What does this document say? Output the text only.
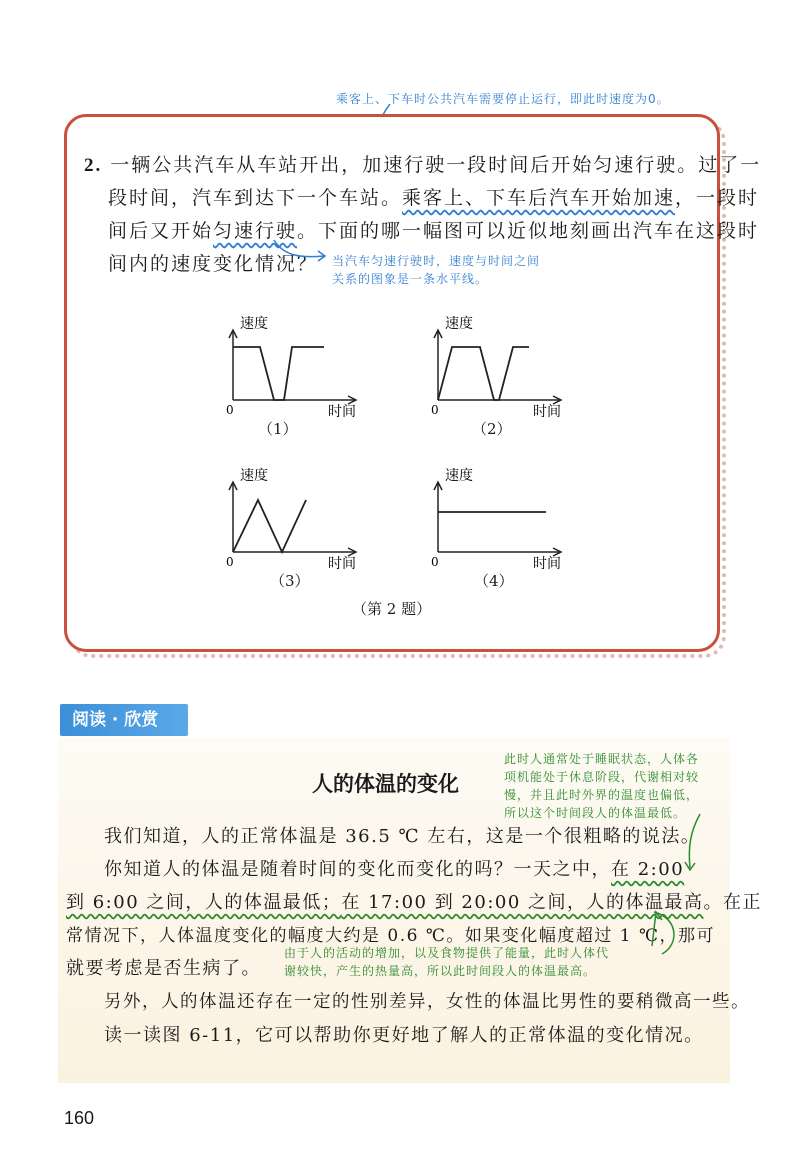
乘客上、下车时公共汽车需要停止运行，即此时速度为0。
2. 一辆公共汽车从车站开出，加速行驶一段时间后开始匀速行驶。过了一
段时间，汽车到达下一个车站。乘客上、下车后汽车开始加速，一段时
间后又开始匀速行驶。下面的哪一幅图可以近似地刻画出汽车在这段时
间内的速度变化情况？ 当汽车匀速行驶时，速度与时间之间
关系的图象是一条水平线。
速度
0	时间
（1）
速度
0	时间
（2）
速度
0	时间
（3）
速度
0	时间
（4）
（第 2 题）
阅读 · 欣赏
人的体温的变化
此时人通常处于睡眠状态，人体各
项机能处于休息阶段，代谢相对较
慢，并且此时外界的温度也偏低，
所以这个时间段人的体温最低。
我们知道，人的正常体温是 36.5 ℃ 左右，这是一个很粗略的说法。
你知道人的体温是随着时间的变化而变化的吗？一天之中，在 2:00
到 6:00 之间，人的体温最低；在 17:00 到 20:00 之间，人的体温最高。在正
常情况下，人体温度变化的幅度大约是 0.6 ℃。如果变化幅度超过 1 ℃，那可
就要考虑是否生病了。
由于人的活动的增加，以及食物提供了能量，此时人体代
谢较快，产生的热量高，所以此时间段人的体温最高。
另外，人的体温还存在一定的性别差异，女性的体温比男性的要稍微高一些。
读一读图 6-11，它可以帮助你更好地了解人的正常体温的变化情况。
160
